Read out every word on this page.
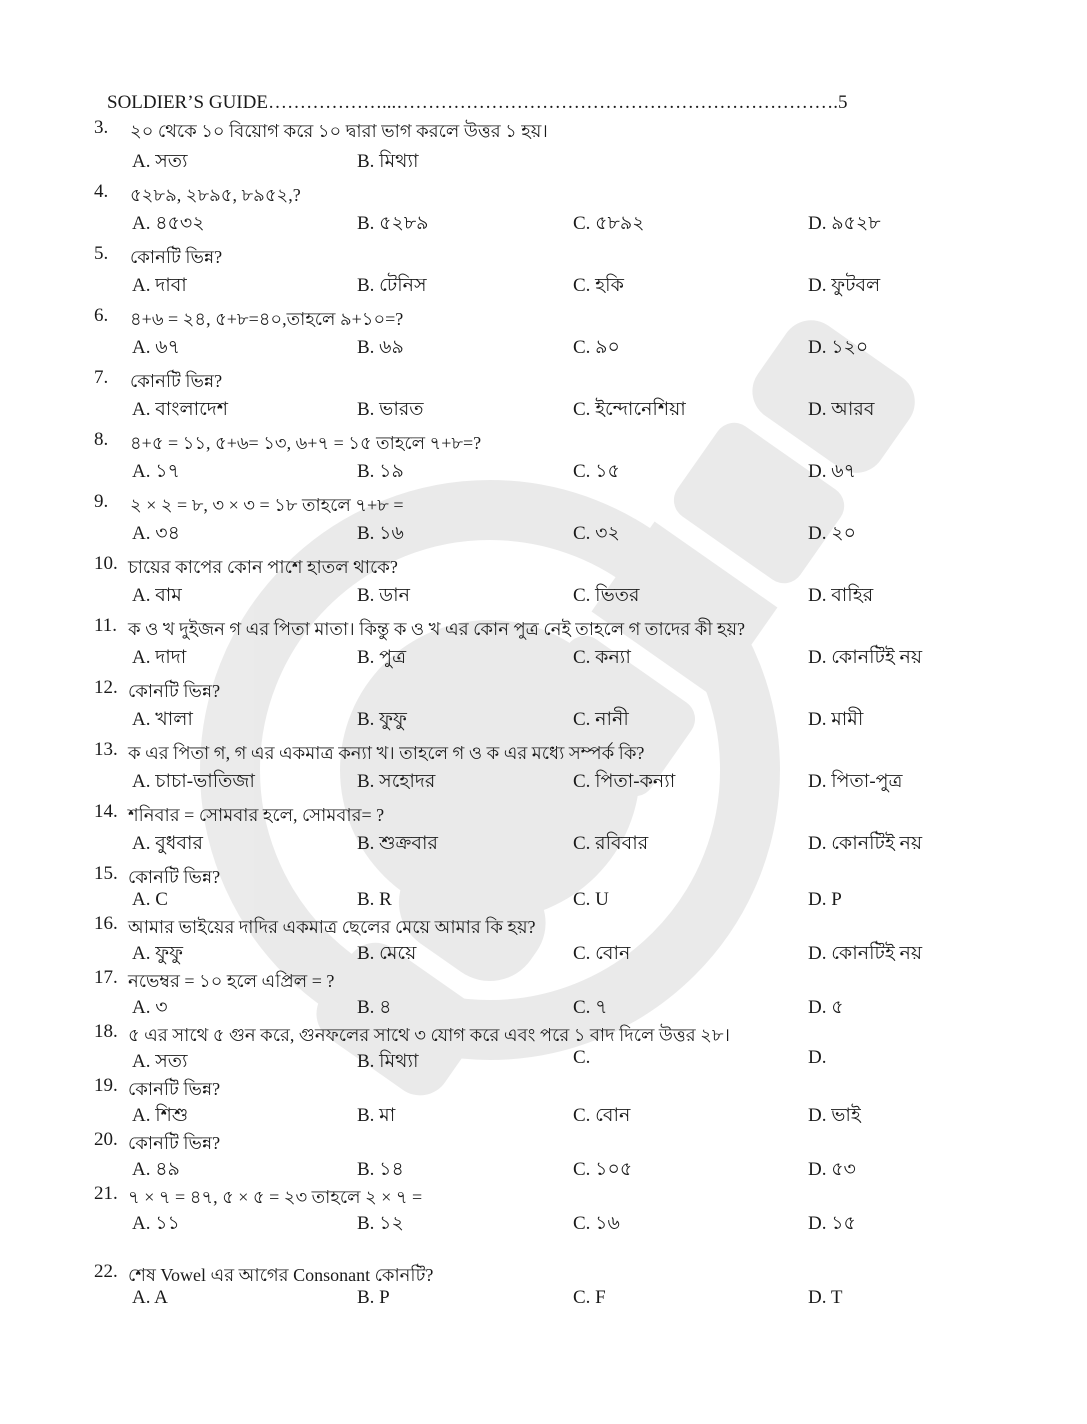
SOLDIER’S GUIDE………………...…………………………………………………………….5
3. ২০ থেকে ১০ বিয়োগ করে ১০ দ্বারা ভাগ করলে উত্তর ১ হয়।
A. সত্য	B. মিথ্যা
4. ৫২৮৯, ২৮৯৫, ৮৯৫২,?
A. ৪৫৩২	B. ৫২৮৯	C. ৫৮৯২	D. ৯৫২৮
5. কোনটি ভিন্ন?
A. দাবা	B. টেনিস	C. হকি	D. ফুটবল
6. ৪+৬ = ২৪, ৫+৮=৪০,তাহলে ৯+১০=?
A. ৬৭	B. ৬৯	C. ৯০	D. ১২০
7. কোনটি ভিন্ন?
A. বাংলাদেশ	B. ভারত	C. ইন্দোনেশিয়া	D. আরব
8. ৪+৫ = ১১, ৫+৬= ১৩, ৬+৭ = ১৫ তাহলে ৭+৮=?
A. ১৭	B. ১৯	C. ১৫	D. ৬৭
9. ২ × ২ = ৮, ৩ × ৩ = ১৮ তাহলে ৭+৮ =
A. ৩৪	B. ১৬	C. ৩২	D. ২০
10. চায়ের কাপের কোন পাশে হাতল থাকে?
A. বাম	B. ডান	C. ভিতর	D. বাহির
11. ক ও খ দুইজন গ এর পিতা মাতা। কিন্তু ক ও খ এর কোন পুত্র নেই তাহলে গ তাদের কী হয়?
A. দাদা	B. পুত্র	C. কন্যা	D. কোনটিই নয়
12. কোনটি ভিন্ন?
A. খালা	B. ফুফু	C. নানী	D. মামী
13. ক এর পিতা গ, গ এর একমাত্র কন্যা খ। তাহলে গ ও ক এর মধ্যে সম্পর্ক কি?
A. চাচা-ভাতিজা	B. সহোদর	C. পিতা-কন্যা	D. পিতা-পুত্র
14. শনিবার = সোমবার হলে, সোমবার= ?
A. বুধবার	B. শুক্রবার	C. রবিবার	D. কোনটিই নয়
15. কোনটি ভিন্ন?
A. C	B. R	C. U	D. P
16. আমার ভাইয়ের দাদির একমাত্র ছেলের মেয়ে আমার কি হয়?
A. ফুফু	B. মেয়ে	C. বোন	D. কোনটিই নয়
17. নভেম্বর = ১০ হলে এপ্রিল = ?
A. ৩	B. ৪	C. ৭	D. ৫
18. ৫ এর সাথে ৫ গুন করে, গুনফলের সাথে ৩ যোগ করে এবং পরে ১ বাদ দিলে উত্তর ২৮।
A. সত্য	B. মিথ্যা	C.	D.
19. কোনটি ভিন্ন?
A. শিশু	B. মা	C. বোন	D. ভাই
20. কোনটি ভিন্ন?
A. ৪৯	B. ১৪	C. ১০৫	D. ৫৩
21. ৭ × ৭ = ৪৭, ৫ × ৫ = ২৩ তাহলে ২ × ৭ =
A. ১১	B. ১২	C. ১৬	D. ১৫
22. শেষ Vowel এর আগের Consonant কোনটি?
A. A	B. P	C. F	D. T
